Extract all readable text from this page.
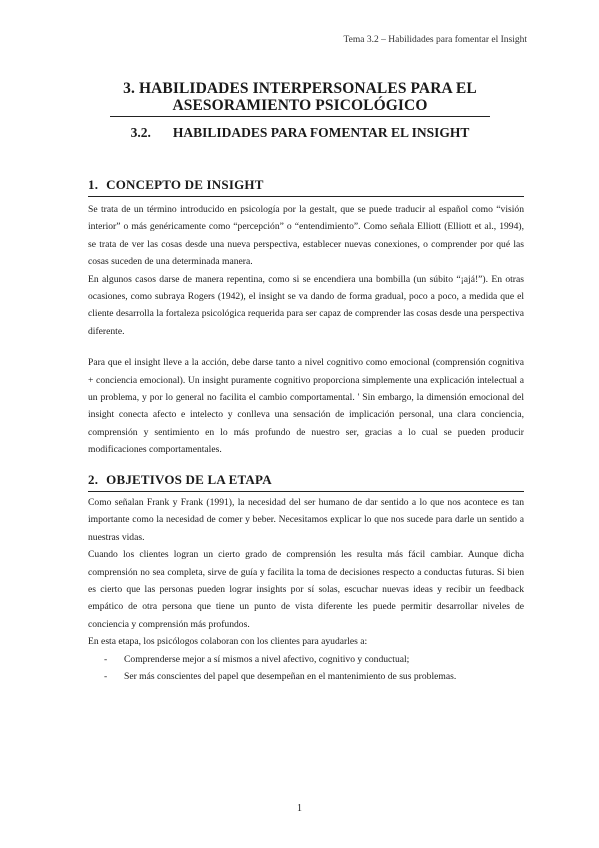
Tema 3.2 – Habilidades para fomentar el Insight
3. HABILIDADES INTERPERSONALES PARA EL
ASESORAMIENTO PSICOLÓGICO
3.2. HABILIDADES PARA FOMENTAR EL INSIGHT
1. CONCEPTO DE INSIGHT

Se trata de un término introducido en psicología por la gestalt, que se puede traducir al español como “visión interior” o más genéricamente como “percepción” o “entendimiento”. Como señala Elliott (Elliott et al., 1994), se trata de ver las cosas desde una nueva perspectiva, establecer nuevas conexiones, o comprender por qué las cosas suceden de una determinada manera.

En algunos casos darse de manera repentina, como si se encendiera una bombilla (un súbito “¡ajá!”). En otras ocasiones, como subraya Rogers (1942), el insight se va dando de forma gradual, poco a poco, a medida que el cliente desarrolla la fortaleza psicológica requerida para ser capaz de comprender las cosas desde una perspectiva diferente.

Para que el insight lleve a la acción, debe darse tanto a nivel cognitivo como emocional (comprensión cognitiva + conciencia emocional). Un insight puramente cognitivo proporciona simplemente una explicación intelectual a un problema, y por lo general no facilita el cambio comportamental. ' Sin embargo, la dimensión emocional del insight conecta afecto e intelecto y conlleva una sensación de implicación personal, una clara conciencia, comprensión y sentimiento en lo más profundo de nuestro ser, gracias a lo cual se pueden producir modificaciones comportamentales.

2. OBJETIVOS DE LA ETAPA

Como señalan Frank y Frank (1991), la necesidad del ser humano de dar sentido a lo que nos acontece es tan importante como la necesidad de comer y beber. Necesitamos explicar lo que nos sucede para darle un sentido a nuestras vidas.

Cuando los clientes logran un cierto grado de comprensión les resulta más fácil cambiar. Aunque dicha comprensión no sea completa, sirve de guía y facilita la toma de decisiones respecto a conductas futuras. Si bien es cierto que las personas pueden lograr insights por sí solas, escuchar nuevas ideas y recibir un feedback empático de otra persona que tiene un punto de vista diferente les puede permitir desarrollar niveles de conciencia y comprensión más profundos.

En esta etapa, los psicólogos colaboran con los clientes para ayudarles a:

- Comprenderse mejor a sí mismos a nivel afectivo, cognitivo y conductual;
- Ser más conscientes del papel que desempeñan en el mantenimiento de sus problemas.
1
